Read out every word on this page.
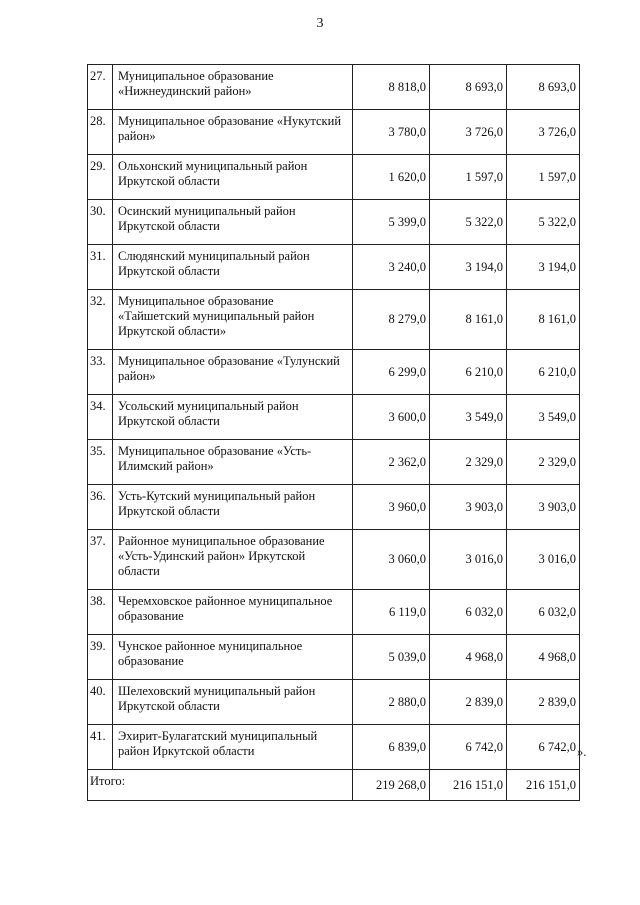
3
27.	Муниципальное образование «Нижнеудинский район»	8 818,0	8 693,0	8 693,0
28.	Муниципальное образование «Нукутский район»	3 780,0	3 726,0	3 726,0
29.	Ольхонский муниципальный район Иркутской области	1 620,0	1 597,0	1 597,0
30.	Осинский муниципальный район Иркутской области	5 399,0	5 322,0	5 322,0
31.	Слюдянский муниципальный район Иркутской области	3 240,0	3 194,0	3 194,0
32.	Муниципальное образование «Тайшетский муниципальный район Иркутской области»	8 279,0	8 161,0	8 161,0
33.	Муниципальное образование «Тулунский район»	6 299,0	6 210,0	6 210,0
34.	Усольский муниципальный район Иркутской области	3 600,0	3 549,0	3 549,0
35.	Муниципальное образование «Усть-Илимский район»	2 362,0	2 329,0	2 329,0
36.	Усть-Кутский муниципальный район Иркутской области	3 960,0	3 903,0	3 903,0
37.	Районное муниципальное образование «Усть-Удинский район» Иркутской области	3 060,0	3 016,0	3 016,0
38.	Черемховское районное муниципальное образование	6 119,0	6 032,0	6 032,0
39.	Чунское районное муниципальное образование	5 039,0	4 968,0	4 968,0
40.	Шелеховский муниципальный район Иркутской области	2 880,0	2 839,0	2 839,0
41.	Эхирит-Булагатский муниципальный район Иркутской области	6 839,0	6 742,0	6 742,0
Итого:		219 268,0	216 151,0	216 151,0
».
